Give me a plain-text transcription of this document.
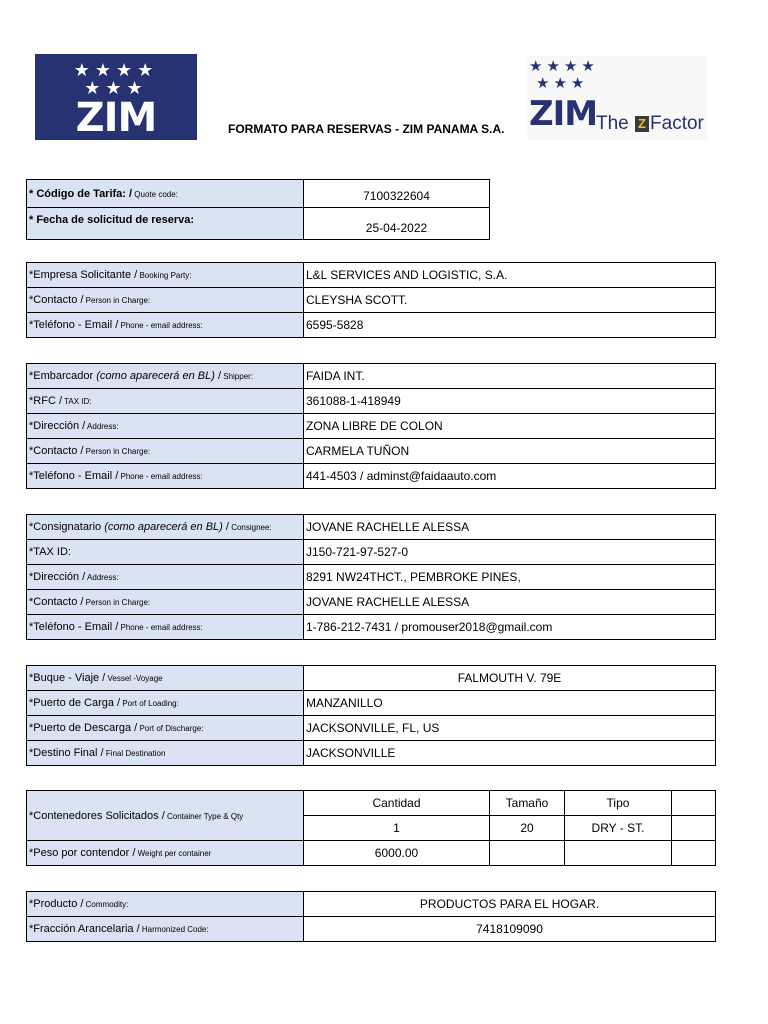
★★★★
★★★
ZIM
★★★★
★★★
ZIM
The Z Factor
FORMATO PARA RESERVAS - ZIM PANAMA S.A.
* Código de Tarifa: / Quote code:	7100322604
* Fecha de solicitud de reserva:	25-04-2022
*Empresa Solicitante / Booking Party:	L&L SERVICES AND LOGISTIC, S.A.
*Contacto / Person in Charge:	CLEYSHA SCOTT.
*Teléfono - Email / Phone - email address:	6595-5828
*Embarcador (como aparecerá en BL) / Shipper:	FAIDA INT.
*RFC / TAX ID:	361088-1-418949
*Dirección / Address:	ZONA LIBRE DE COLON
*Contacto / Person in Charge:	CARMELA TUÑON
*Teléfono - Email / Phone - email address:	441-4503 / adminst@faidaauto.com
*Consignatario (como aparecerá en BL) / Consignee:	JOVANE RACHELLE ALESSA
*TAX ID:	J150-721-97-527-0
*Dirección / Address:	8291 NW24THCT., PEMBROKE PINES,
*Contacto / Person in Charge:	JOVANE RACHELLE ALESSA
*Teléfono - Email / Phone - email address:	1-786-212-7431 / promouser2018@gmail.com
*Buque - Viaje / Vessel -Voyage	FALMOUTH V. 79E
*Puerto de Carga / Port of Loading:	MANZANILLO
*Puerto de Descarga / Port of Discharge:	JACKSONVILLE, FL, US
*Destino Final / Final Destination	JACKSONVILLE
*Contenedores Solicitados / Container Type & Qty	Cantidad	Tamaño	Tipo	
	1	20	DRY - ST.	
*Peso por contendor / Weight per container	6000.00			
*Producto / Commodity:	PRODUCTOS PARA EL HOGAR.
*Fracción Arancelaria / Harmonized Code:	7418109090
